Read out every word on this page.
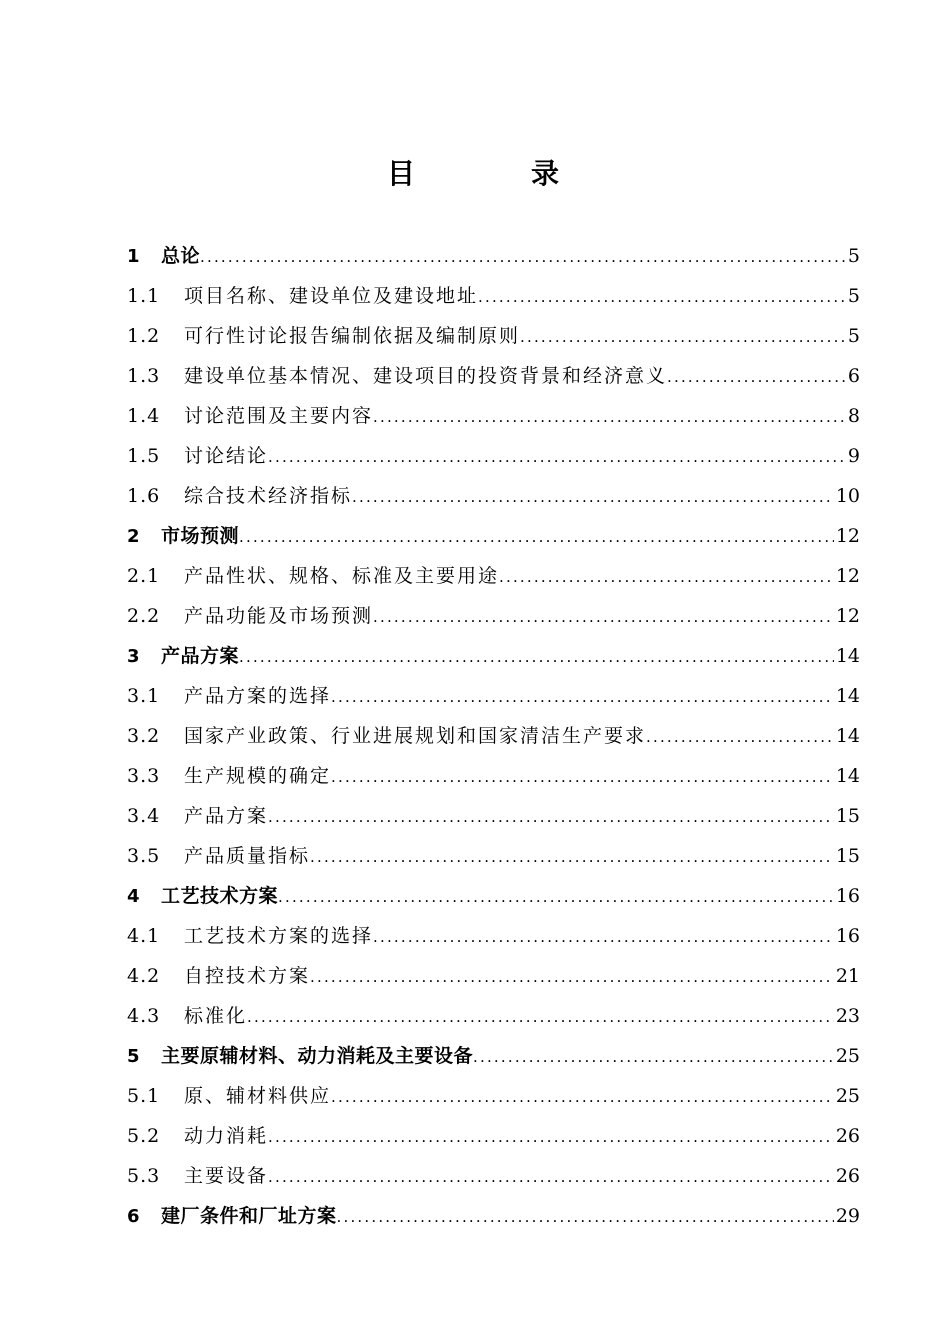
目　录
1	总论 .....	5
1.1	项目名称、建设单位及建设地址 .....	5
1.2	可行性讨论报告编制依据及编制原则 .....	5
1.3	建设单位基本情况、建设项目的投资背景和经济意义 .....	6
1.4	讨论范围及主要内容 .....	8
1.5	讨论结论 .....	9
1.6	综合技术经济指标 .....	10
2	市场预测 .....	12
2.1	产品性状、规格、标准及主要用途 .....	12
2.2	产品功能及市场预测 .....	12
3	产品方案 .....	14
3.1	产品方案的选择 .....	14
3.2	国家产业政策、行业进展规划和国家清洁生产要求 .....	14
3.3	生产规模的确定 .....	14
3.4	产品方案 .....	15
3.5	产品质量指标 .....	15
4	工艺技术方案 .....	16
4.1	工艺技术方案的选择 .....	16
4.2	自控技术方案 .....	21
4.3	标准化 .....	23
5	主要原辅材料、动力消耗及主要设备 .....	25
5.1	原、辅材料供应 .....	25
5.2	动力消耗 .....	26
5.3	主要设备 .....	26
6	建厂条件和厂址方案 .....	29
